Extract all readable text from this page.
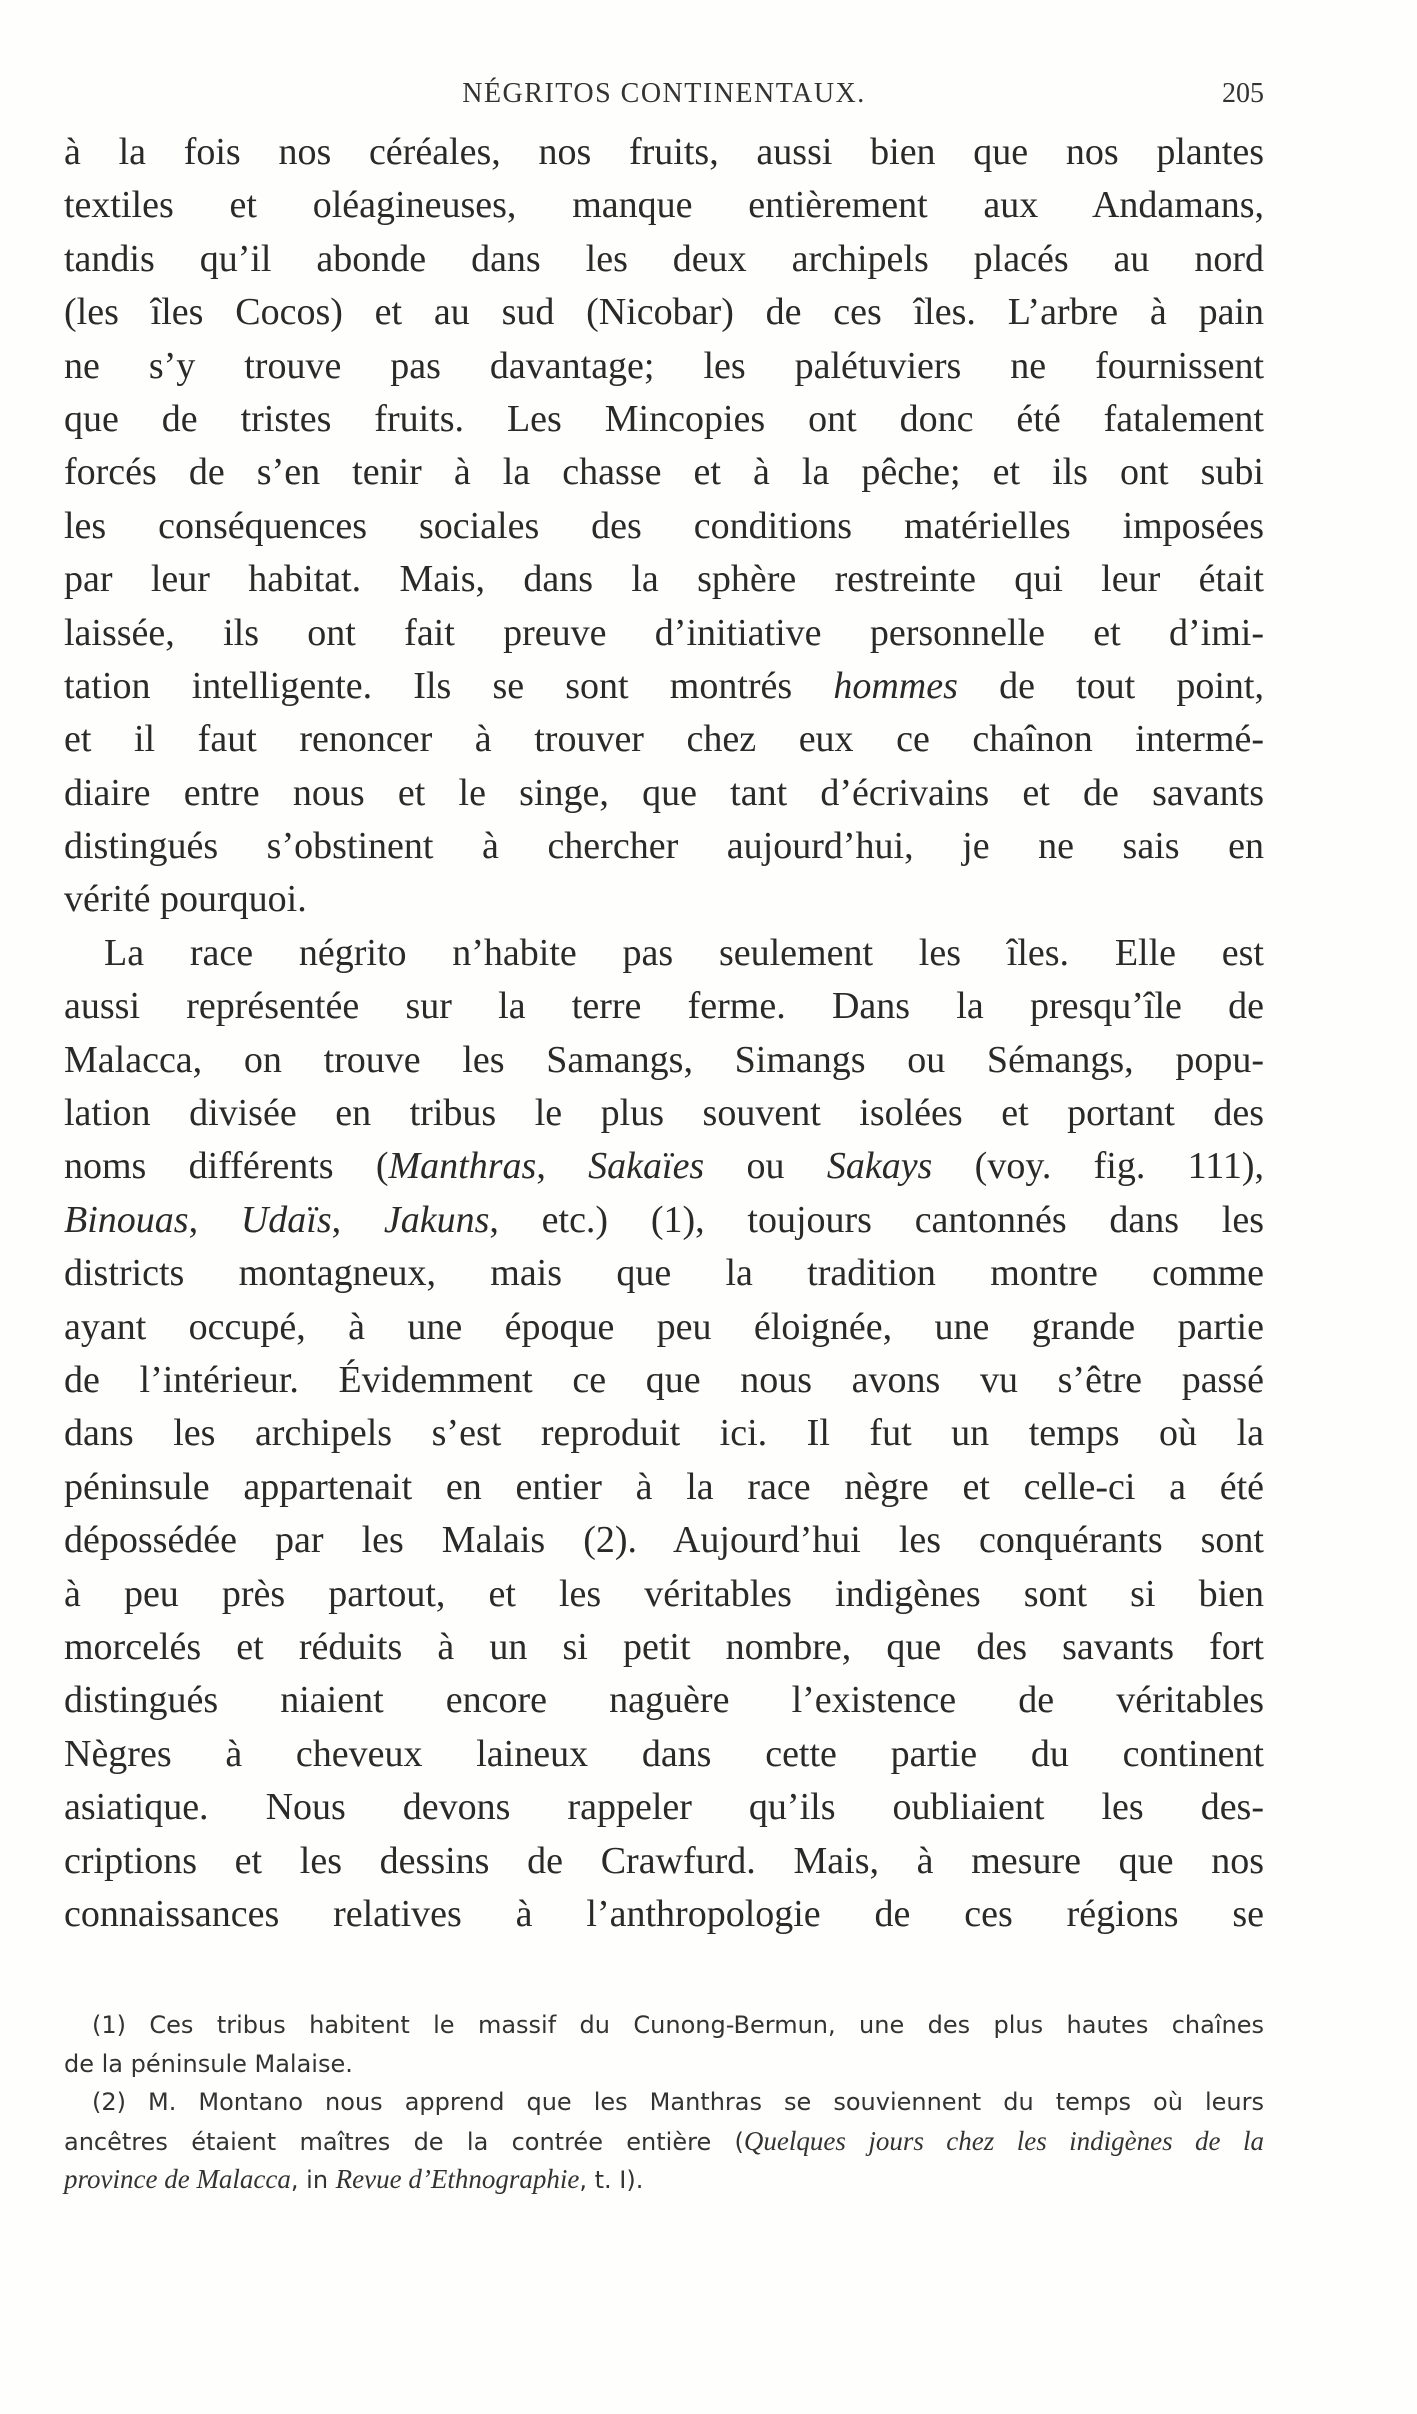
NÉGRITOS CONTINENTAUX.	205
à la fois nos céréales, nos fruits, aussi bien que nos plantes
textiles et oléagineuses, manque entièrement aux Andamans,
tandis qu’il abonde dans les deux archipels placés au nord
(les îles Cocos) et au sud (Nicobar) de ces îles. L’arbre à pain
ne s’y trouve pas davantage; les palétuviers ne fournissent
que de tristes fruits. Les Mincopies ont donc été fatalement
forcés de s’en tenir à la chasse et à la pêche; et ils ont subi
les conséquences sociales des conditions matérielles imposées
par leur habitat. Mais, dans la sphère restreinte qui leur était
laissée, ils ont fait preuve d’initiative personnelle et d’imi-
tation intelligente. Ils se sont montrés hommes de tout point,
et il faut renoncer à trouver chez eux ce chaînon intermé-
diaire entre nous et le singe, que tant d’écrivains et de savants
distingués s’obstinent à chercher aujourd’hui, je ne sais en
vérité pourquoi.
La race négrito n’habite pas seulement les îles. Elle est
aussi représentée sur la terre ferme. Dans la presqu’île de
Malacca, on trouve les Samangs, Simangs ou Sémangs, popu-
lation divisée en tribus le plus souvent isolées et portant des
noms différents (Manthras, Sakaïes ou Sakays (voy. fig. 111),
Binouas, Udaïs, Jakuns, etc.) (1), toujours cantonnés dans les
districts montagneux, mais que la tradition montre comme
ayant occupé, à une époque peu éloignée, une grande partie
de l’intérieur. Évidemment ce que nous avons vu s’être passé
dans les archipels s’est reproduit ici. Il fut un temps où la
péninsule appartenait en entier à la race nègre et celle-ci a été
dépossédée par les Malais (2). Aujourd’hui les conquérants sont
à peu près partout, et les véritables indigènes sont si bien
morcelés et réduits à un si petit nombre, que des savants fort
distingués niaient encore naguère l’existence de véritables
Nègres à cheveux laineux dans cette partie du continent
asiatique. Nous devons rappeler qu’ils oubliaient les des-
criptions et les dessins de Crawfurd. Mais, à mesure que nos
connaissances relatives à l’anthropologie de ces régions se
(1) Ces tribus habitent le massif du Cunong-Bermun, une des plus hautes chaînes
de la péninsule Malaise.
(2) M. Montano nous apprend que les Manthras se souviennent du temps où leurs
ancêtres étaient maîtres de la contrée entière (Quelques jours chez les indigènes de la
province de Malacca, in Revue d’Ethnographie, t. I).
